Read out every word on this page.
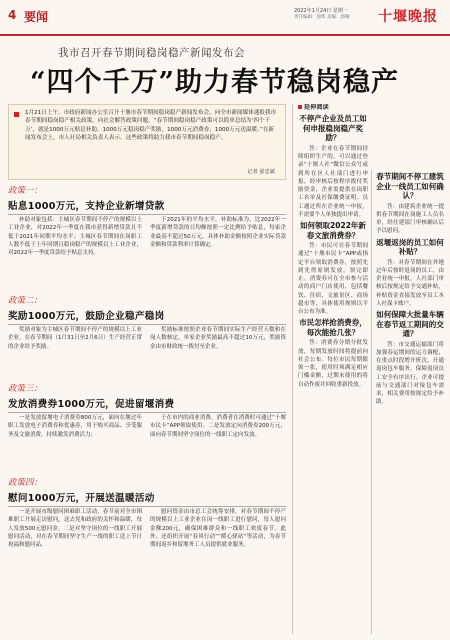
4 要闻	2022年1月24日 星期一
责任编辑：徐辉 美编：郭琳	十堰晚报
我市召开春节期间稳岗稳产新闻发布会
“四个千万”助力春节稳岗稳产
1月21日上午，市政府新闻办公室召开十堰市春节期间稳岗稳产新闻发布会，向全市新闻媒体通报我市春节期间稳岗稳产相关政策，向社会解答政策问题。“春节期间稳岗稳产政策可以简单总结为‘四个千万’，就是1000万元贴息补助，1000万元稳岗稳产奖励，1000万元消费券，1000万元送温暖。”在新闻发布会上，市人社局相关负责人表示，这些政策将助力我市春节期间稳岗稳产。
记者 晏忠斌
政策一：
贴息1000万元，支持企业新增贷款

补助对象包括：主城区春节期间不停产的规模以上工业企业，对2022年一季度在我市获得新增贷款且不低于2021年同期平均水平；主城区春节期间在岗职工人数不低于上年同期且稳岗稳产的规模以上工业企业，对2022年一季度贷款给予贴息支持。

于2021年的平均水平。补助标准为，比2022年一季度新增贷款的日均额按照一定比例给予贴息，每家企业最高不超过50万元，具体补助金额按照企业实际贷款金额和贷款利率计算确定。

政策二：
奖励1000万元，鼓励企业稳产稳岗

奖励对象为主城区春节期间不停产的规模以上工业企业，在春节期间（1月31日至2月6日）生产经营正常的企业给予奖励。

奖励标准按照企业春节期间实际生产经营天数和在岗人数核定，单家企业奖励最高不超过10万元，奖励资金由市财政统一拨付至企业。

政策三：
发放消费券1000万元，促进留堰消费

一是发放留堰电子消费券800万元，面向在堰过年职工发放电子消费券和优惠券，用于购买商品、享受服务及文旅消费，持续激发消费活力；

于在市内的商业消费，消费者在消费时可通过“十堰市民卡”APP领取使用。二是发放定向消费券200万元，面向春节期间坚守岗位的一线职工定向发放。

政策四：
慰问1000万元，开展送温暖活动

一是开展市级慰问困难职工活动，春节前对全市困难职工开展走访慰问，送去党和政府的关怀和温暖，每人发放500元慰问金。二是对坚守岗位的一线职工开展慰问活动，对在春节期间坚守生产一线的职工送上节日祝福和慰问品。

慰问资金由市总工会统筹安排，对春节期间不停产的规模以上工业企业在岗一线职工进行慰问，每人慰问金额200元，确保困难群众和一线职工欢度春节。此外，还组织开展“春风行动”“暖心驿站”等活动，为春节期间返乡和留堰务工人员提供就业服务。

延伸阅读
不停产企业及员工如何申报稳岗稳产奖励？

答：企业在春节期间持续组织生产的，可以通过登录“十堰人社”微信公众号或到所在区人社部门进行申报，经审核后按程序拨付奖励资金，企业需提供在岗职工名单及社保缴费证明。员工通过所在企业统一申报，不需要个人单独提出申请。

如何领取2022年新春文旅消费券？

答：市民可在春节期间通过“十堰市民卡”APP或指定平台领取消费券，按照先到先得原则发放，领完即止。消费券可在全市参与活动的商户门店使用，包括餐饮、住宿、文旅景区、商场超市等，具体使用规则以平台公布为准。

市民怎样抢消费券，每次能抢几张？

答：消费券分期分批发放，每期发放时间将提前向社会公布。每位市民每期限领一张，使用时须满足相应门槛金额，过期未使用的将自动作废并回收重新投放。

春节期间不停工建筑企业一线员工如何确认？

答：由建筑企业统一提供春节期间在岗施工人员名单，经住建部门审核确认后予以慰问。

返堰返岗的员工如何补贴？

答：对春节期间在外地过年后按时返岗的员工，由企业统一申报，人社部门审核后按规定给予交通补贴，补贴资金直接发放至员工本人社保卡账户。

如何保障大批量车辆在春节返工期间的交通？

答：市交通运输部门将加强春运期间的运力调配，在重点时段增开班次，开通返岗包车服务，保障返岗员工安全有序出行。企业可提前与交通部门对接包车需求，相关费用按规定给予补助。
